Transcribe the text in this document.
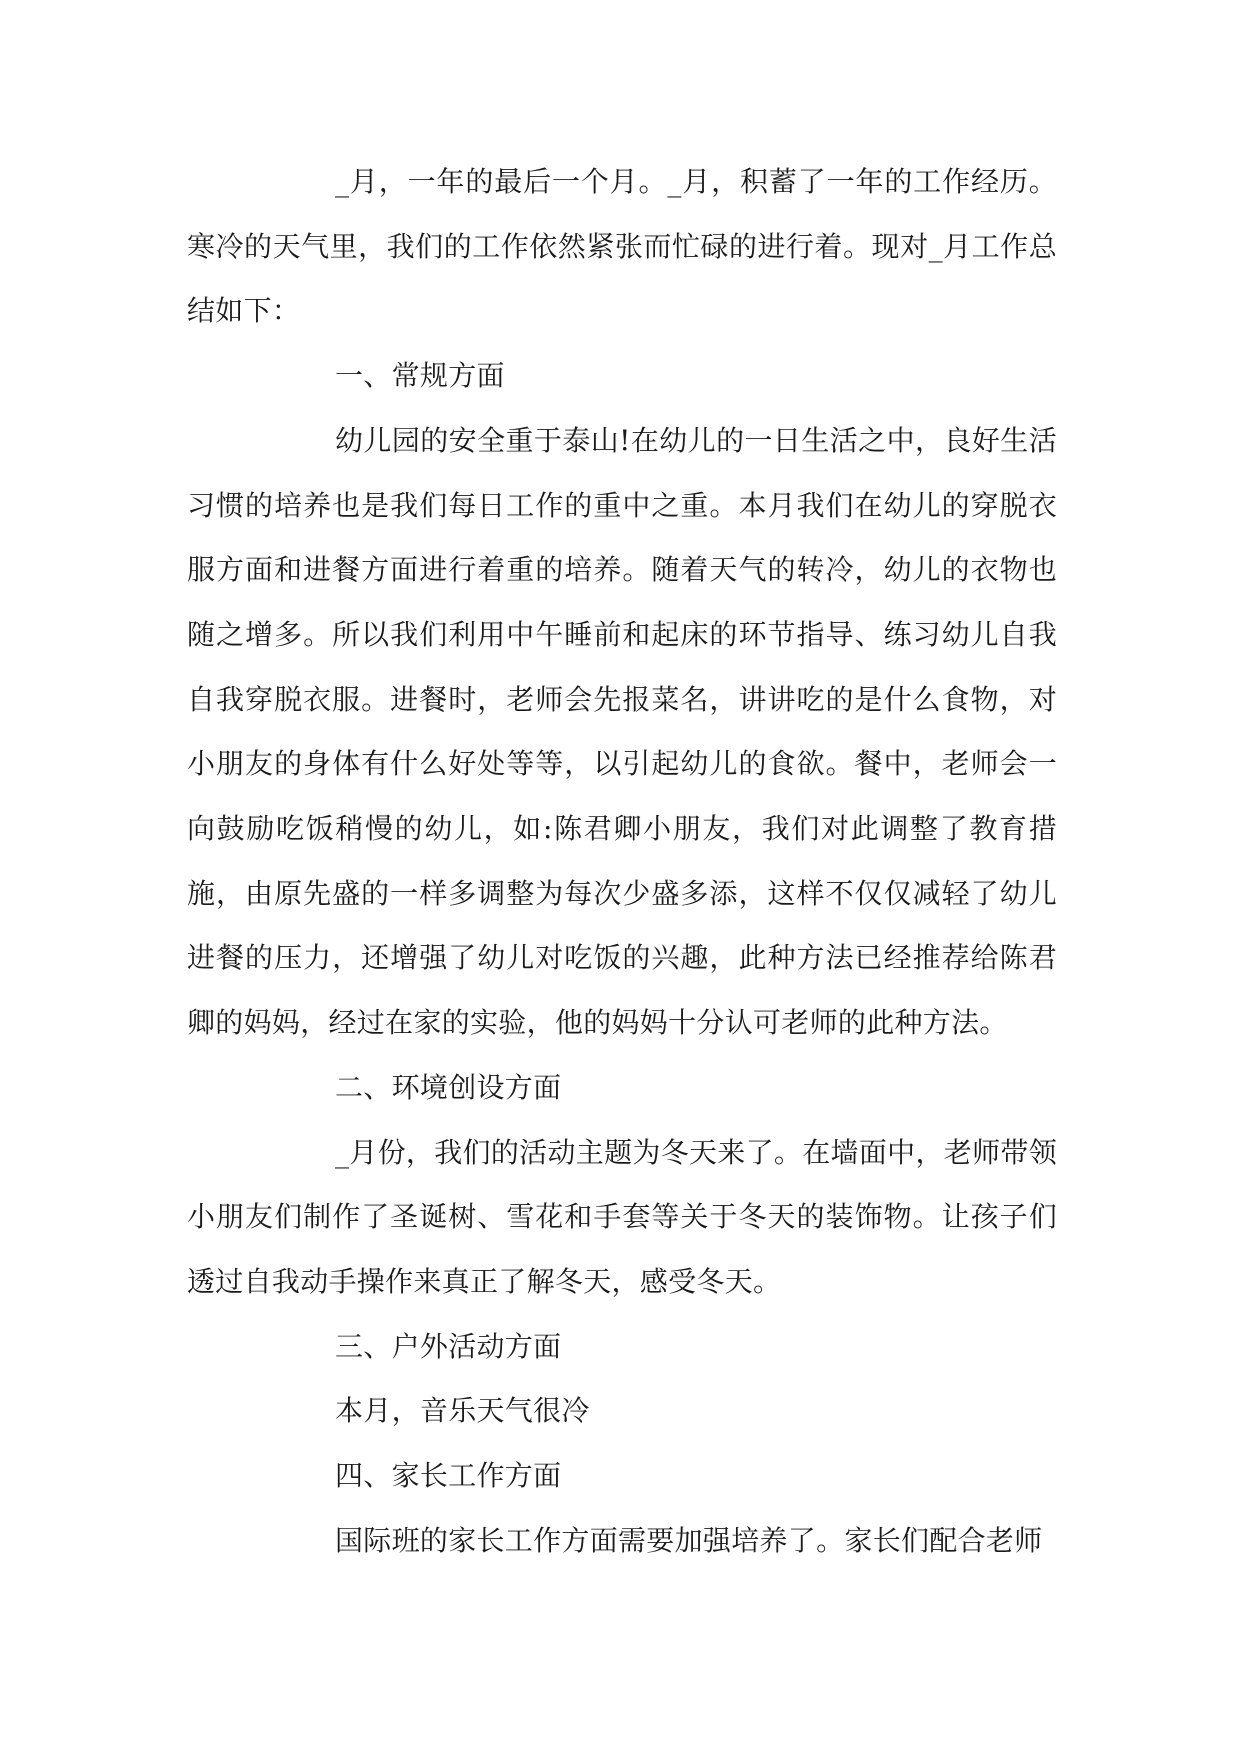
_月，一年的最后一个月。_月，积蓄了一年的工作经历。寒冷的天气里，我们的工作依然紧张而忙碌的进行着。现对_月工作总结如下：

一、常规方面

幼儿园的安全重于泰山!在幼儿的一日生活之中，良好生活习惯的培养也是我们每日工作的重中之重。本月我们在幼儿的穿脱衣服方面和进餐方面进行着重的培养。随着天气的转冷，幼儿的衣物也随之增多。所以我们利用中午睡前和起床的环节指导、练习幼儿自我自我穿脱衣服。进餐时，老师会先报菜名，讲讲吃的是什么食物，对小朋友的身体有什么好处等等，以引起幼儿的食欲。餐中，老师会一向鼓励吃饭稍慢的幼儿，如:陈君卿小朋友，我们对此调整了教育措施，由原先盛的一样多调整为每次少盛多添，这样不仅仅减轻了幼儿进餐的压力，还增强了幼儿对吃饭的兴趣，此种方法已经推荐给陈君卿的妈妈，经过在家的实验，他的妈妈十分认可老师的此种方法。

二、环境创设方面

_月份，我们的活动主题为冬天来了。在墙面中，老师带领小朋友们制作了圣诞树、雪花和手套等关于冬天的装饰物。让孩子们透过自我动手操作来真正了解冬天，感受冬天。

三、户外活动方面

本月，音乐天气很冷

四、家长工作方面

国际班的家长工作方面需要加强培养了。家长们配合老师
